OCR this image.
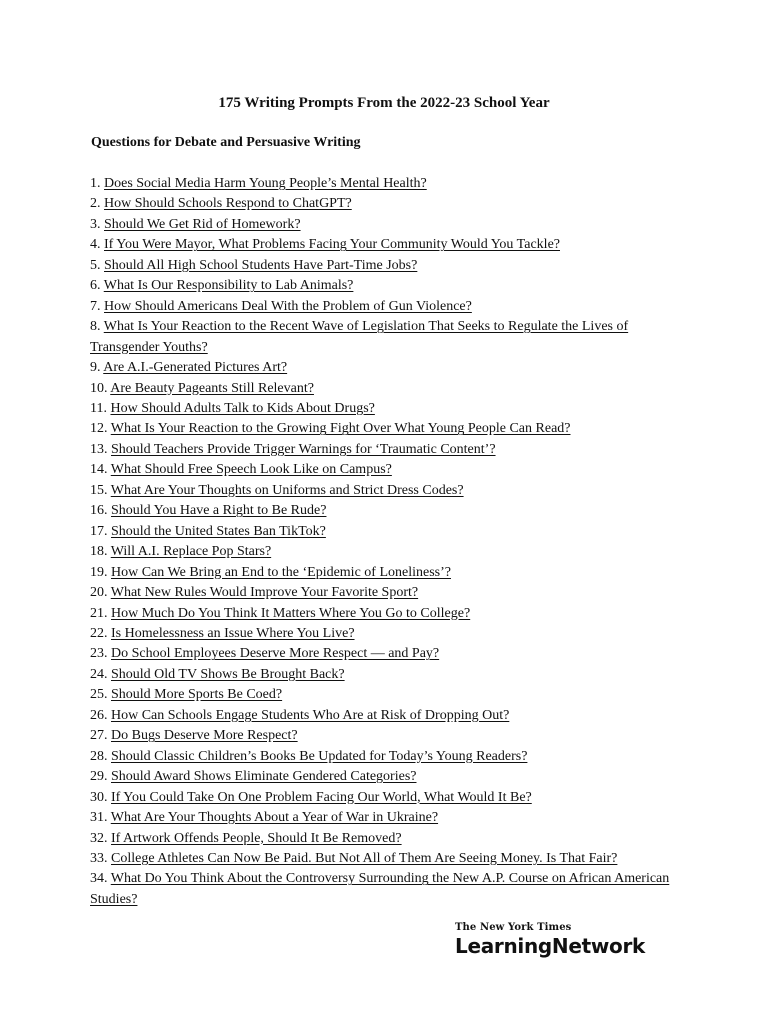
175 Writing Prompts From the 2022-23 School Year
Questions for Debate and Persuasive Writing
1. Does Social Media Harm Young People’s Mental Health?
2. How Should Schools Respond to ChatGPT?
3. Should We Get Rid of Homework?
4. If You Were Mayor, What Problems Facing Your Community Would You Tackle?
5. Should All High School Students Have Part-Time Jobs?
6. What Is Our Responsibility to Lab Animals?
7. How Should Americans Deal With the Problem of Gun Violence?
8. What Is Your Reaction to the Recent Wave of Legislation That Seeks to Regulate the Lives of Transgender Youths?
9. Are A.I.-Generated Pictures Art?
10. Are Beauty Pageants Still Relevant?
11. How Should Adults Talk to Kids About Drugs?
12. What Is Your Reaction to the Growing Fight Over What Young People Can Read?
13. Should Teachers Provide Trigger Warnings for ‘Traumatic Content’?
14. What Should Free Speech Look Like on Campus?
15. What Are Your Thoughts on Uniforms and Strict Dress Codes?
16. Should You Have a Right to Be Rude?
17. Should the United States Ban TikTok?
18. Will A.I. Replace Pop Stars?
19. How Can We Bring an End to the ‘Epidemic of Loneliness’?
20. What New Rules Would Improve Your Favorite Sport?
21. How Much Do You Think It Matters Where You Go to College?
22. Is Homelessness an Issue Where You Live?
23. Do School Employees Deserve More Respect — and Pay?
24. Should Old TV Shows Be Brought Back?
25. Should More Sports Be Coed?
26. How Can Schools Engage Students Who Are at Risk of Dropping Out?
27. Do Bugs Deserve More Respect?
28. Should Classic Children’s Books Be Updated for Today’s Young Readers?
29. Should Award Shows Eliminate Gendered Categories?
30. If You Could Take On One Problem Facing Our World, What Would It Be?
31. What Are Your Thoughts About a Year of War in Ukraine?
32. If Artwork Offends People, Should It Be Removed?
33. College Athletes Can Now Be Paid. But Not All of Them Are Seeing Money. Is That Fair?
34. What Do You Think About the Controversy Surrounding the New A.P. Course on African American Studies?
The New York Times
LearningNetwork
